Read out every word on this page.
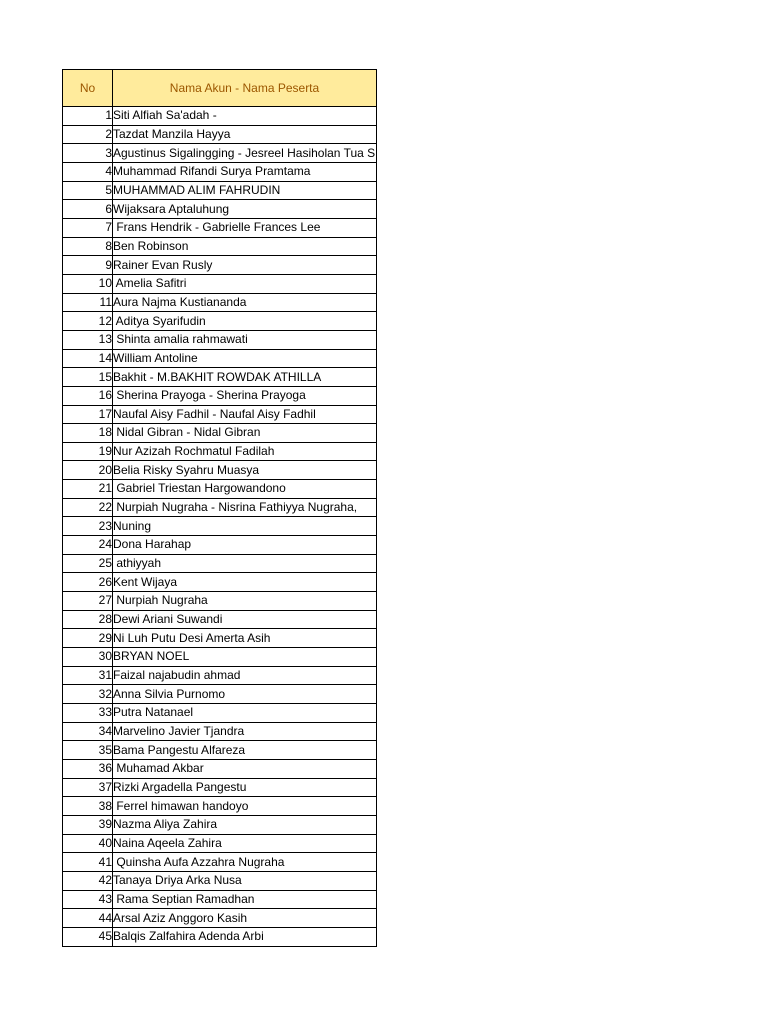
No	Nama Akun - Nama Peserta
1	Siti Alfiah Sa'adah -
2	Tazdat Manzila Hayya
3	Agustinus Sigalingging - Jesreel Hasiholan Tua S
4	Muhammad Rifandi Surya Pramtama
5	MUHAMMAD ALIM FAHRUDIN
6	Wijaksara Aptaluhung
7	Frans Hendrik - Gabrielle Frances Lee
8	Ben Robinson
9	Rainer Evan Rusly
10	Amelia Safitri
11	Aura Najma Kustiananda
12	Aditya Syarifudin
13	Shinta amalia rahmawati
14	William Antoline
15	Bakhit - M.BAKHIT ROWDAK ATHILLA
16	Sherina Prayoga - Sherina Prayoga
17	Naufal Aisy Fadhil - Naufal Aisy Fadhil
18	Nidal Gibran - Nidal Gibran
19	Nur Azizah Rochmatul Fadilah
20	Belia Risky Syahru Muasya
21	Gabriel Triestan Hargowandono
22	Nurpiah Nugraha - Nisrina Fathiyya Nugraha,
23	Nuning
24	Dona Harahap
25	athiyyah
26	Kent Wijaya
27	Nurpiah Nugraha
28	Dewi Ariani Suwandi
29	Ni Luh Putu Desi Amerta Asih
30	BRYAN NOEL
31	Faizal najabudin ahmad
32	Anna Silvia Purnomo
33	Putra Natanael
34	Marvelino Javier Tjandra
35	Bama Pangestu Alfareza
36	Muhamad Akbar
37	Rizki Argadella Pangestu
38	Ferrel himawan handoyo
39	Nazma Aliya Zahira
40	Naina Aqeela Zahira
41	Quinsha Aufa Azzahra Nugraha
42	Tanaya Driya Arka Nusa
43	Rama Septian Ramadhan
44	Arsal Aziz Anggoro Kasih
45	Balqis Zalfahira Adenda Arbi
